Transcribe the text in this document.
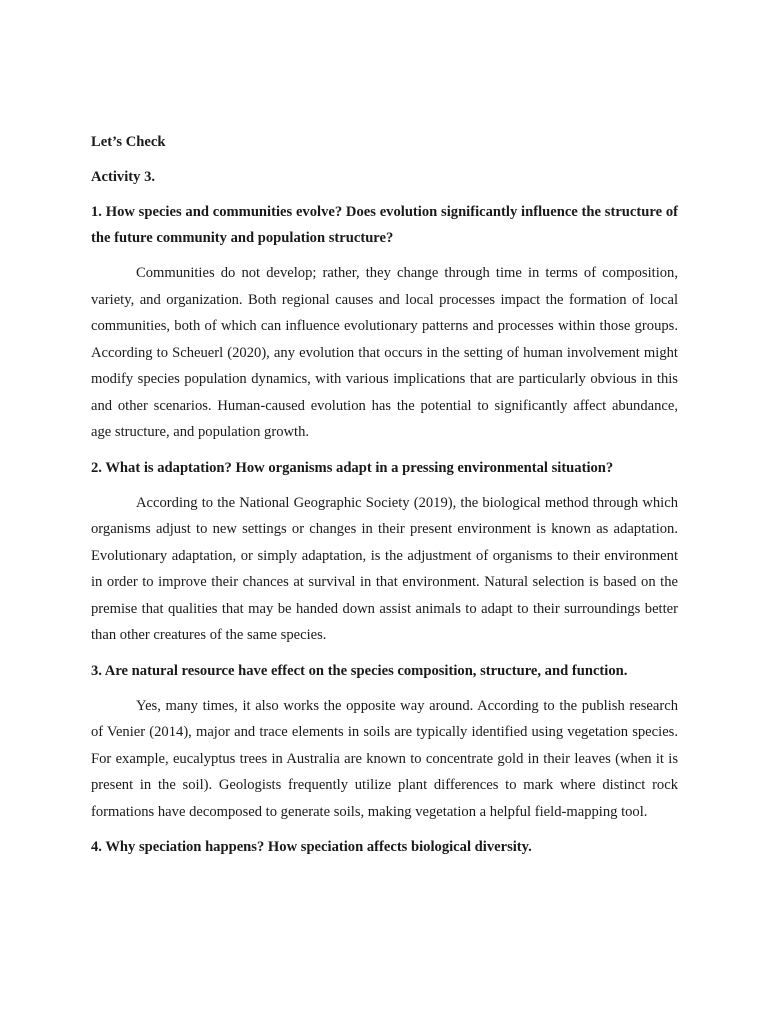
Let’s Check

Activity 3.

1. How species and communities evolve? Does evolution significantly influence the structure of the future community and population structure?

Communities do not develop; rather, they change through time in terms of composition, variety, and organization. Both regional causes and local processes impact the formation of local communities, both of which can influence evolutionary patterns and processes within those groups. According to Scheuerl (2020), any evolution that occurs in the setting of human involvement might modify species population dynamics, with various implications that are particularly obvious in this and other scenarios. Human-caused evolution has the potential to significantly affect abundance, age structure, and population growth.

2. What is adaptation? How organisms adapt in a pressing environmental situation?

According to the National Geographic Society (2019), the biological method through which organisms adjust to new settings or changes in their present environment is known as adaptation. Evolutionary adaptation, or simply adaptation, is the adjustment of organisms to their environment in order to improve their chances at survival in that environment. Natural selection is based on the premise that qualities that may be handed down assist animals to adapt to their surroundings better than other creatures of the same species.

3. Are natural resource have effect on the species composition, structure, and function.

Yes, many times, it also works the opposite way around. According to the publish research of Venier (2014), major and trace elements in soils are typically identified using vegetation species. For example, eucalyptus trees in Australia are known to concentrate gold in their leaves (when it is present in the soil). Geologists frequently utilize plant differences to mark where distinct rock formations have decomposed to generate soils, making vegetation a helpful field-mapping tool.

4. Why speciation happens? How speciation affects biological diversity.
